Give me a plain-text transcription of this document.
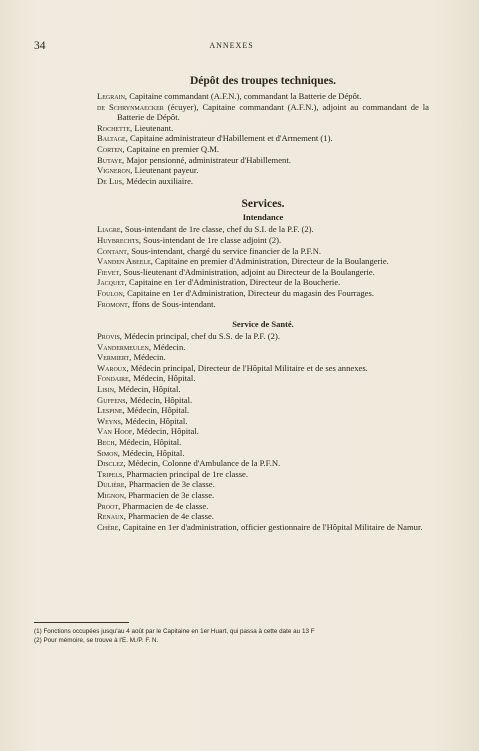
34	ANNEXES
Dépôt des troupes techniques.

Legrain, Capitaine commandant (A.F.N.), commandant la Batterie de Dépôt.

de Schrynmaecker (écuyer), Capitaine commandant (A.F.N.), adjoint au commandant de la Batterie de Dépôt.

Rochette, Lieutenant.

Baltage, Capitaine administrateur d'Habillement et d'Armement (1).

Corten, Capitaine en premier Q.M.

Butaye, Major pensionné, administrateur d'Habillement.

Vigneron, Lieutenant payeur.

De Lijs, Médecin auxiliaire.

Services.
Intendance

Liagre, Sous-intendant de 1re classe, chef du S.I. de la P.F. (2).

Huybrechts, Sous-intendant de 1re classe adjoint (2).

Contant, Sous-intendant, chargé du service financier de la P.F.N.

Vanden Abeele, Capitaine en premier d'Administration, Directeur de la Boulangerie.

Fievet, Sous-lieutenant d'Administration, adjoint au Directeur de la Boulangerie.

Jacquet, Capitaine en 1er d'Administration, Directeur de la Boucherie.

Foulon, Capitaine en 1er d'Administration, Directeur du magasin des Fourrages.

Fromont, ffons de Sous-intendant.

Service de Santé.

Provis, Médecin principal, chef du S.S. de la P.F. (2).

Vandermeulen, Médecin.

Vermiert, Médecin.

Waroux, Médecin principal, Directeur de l'Hôpital Militaire et de ses annexes.

Fondaire, Médecin, Hôpital.

Lisin, Médecin, Hôpital.

Guffens, Médecin, Hôpital.

Lespine, Médecin, Hôpital.

Weyns, Médecin, Hôpital.

Van Hoof, Médecin, Hôpital.

Bech, Médecin, Hôpital.

Simon, Médecin, Hôpital.

Disclez, Médecin, Colonne d'Ambulance de la P.F.N.

Tripels, Pharmacien principal de 1re classe.

Dulière, Pharmacien de 3e classe.

Mignon, Pharmacien de 3e classe.

Proot, Pharmacien de 4e classe.

Renaux, Pharmacien de 4e classe.

Chère, Capitaine en 1er d'administration, officier gestionnaire de l'Hôpital Militaire de Namur.

(1) Fonctions occupées jusqu'au 4 août par le Capitaine en 1er Huart, qui passa à cette date au 13 F

(2) Pour mémoire, se trouve à l'E. M./P. F. N.
